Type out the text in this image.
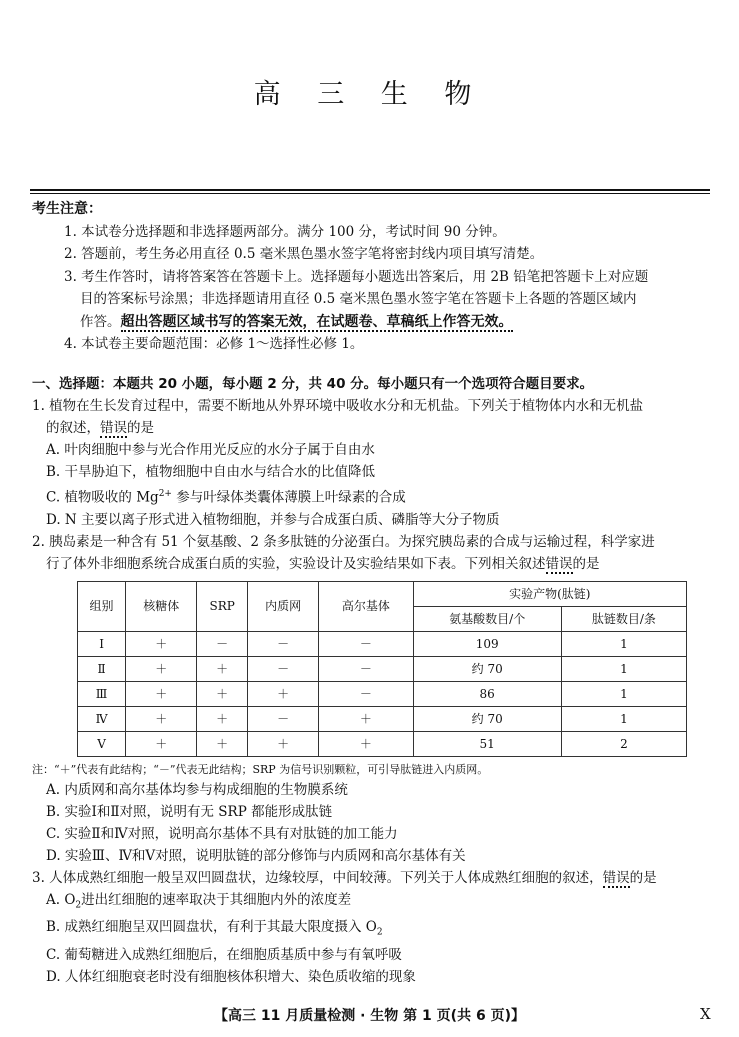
高 三 生 物

考生注意：

1. 本试卷分选择题和非选择题两部分。满分 100 分，考试时间 90 分钟。

2. 答题前，考生务必用直径 0.5 毫米黑色墨水签字笔将密封线内项目填写清楚。

3. 考生作答时，请将答案答在答题卡上。选择题每小题选出答案后，用 2B 铅笔把答题卡上对应题

目的答案标号涂黑；非选择题请用直径 0.5 毫米黑色墨水签字笔在答题卡上各题的答题区域内

作答。超出答题区域书写的答案无效，在试题卷、草稿纸上作答无效。

4. 本试卷主要命题范围：必修 1～选择性必修 1。

一、选择题：本题共 20 小题，每小题 2 分，共 40 分。每小题只有一个选项符合题目要求。

1. 植物在生长发育过程中，需要不断地从外界环境中吸收水分和无机盐。下列关于植物体内水和无机盐

的叙述，错误的是

A. 叶肉细胞中参与光合作用光反应的水分子属于自由水

B. 干旱胁迫下，植物细胞中自由水与结合水的比值降低

C. 植物吸收的 $Mg^{2+}$ 参与叶绿体类囊体薄膜上叶绿素的合成

D. N 主要以离子形式进入植物细胞，并参与合成蛋白质、磷脂等大分子物质

2. 胰岛素是一种含有 51 个氨基酸、2 条多肽链的分泌蛋白。为探究胰岛素的合成与运输过程，科学家进

行了体外非细胞系统合成蛋白质的实验，实验设计及实验结果如下表。下列相关叙述错误的是

组别	核糖体	SRP	内质网	高尔基体	实验产物(肽链)	
					氨基酸数目/个	肽链数目/条
Ⅰ	＋	－	－	－	109	1
Ⅱ	＋	＋	－	－	约 70	1
Ⅲ	＋	＋	＋	－	86	1
Ⅳ	＋	＋	－	＋	约 70	1
Ⅴ	＋	＋	＋	＋	51	2

注：“＋”代表有此结构；“－”代表无此结构；SRP 为信号识别颗粒，可引导肽链进入内质网。

A. 内质网和高尔基体均参与构成细胞的生物膜系统

B. 实验Ⅰ和Ⅱ对照，说明有无 SRP 都能形成肽链

C. 实验Ⅱ和Ⅳ对照，说明高尔基体不具有对肽链的加工能力

D. 实验Ⅲ、Ⅳ和Ⅴ对照，说明肽链的部分修饰与内质网和高尔基体有关

3. 人体成熟红细胞一般呈双凹圆盘状，边缘较厚，中间较薄。下列关于人体成熟红细胞的叙述，错误的是

A. $O_2$进出红细胞的速率取决于其细胞内外的浓度差

B. 成熟红细胞呈双凹圆盘状，有利于其最大限度摄入 $O_2$

C. 葡萄糖进入成熟红细胞后，在细胞质基质中参与有氧呼吸

D. 人体红细胞衰老时没有细胞核体积增大、染色质收缩的现象

【高三 11 月质量检测 · 生物 第 1 页(共 6 页)】	X
